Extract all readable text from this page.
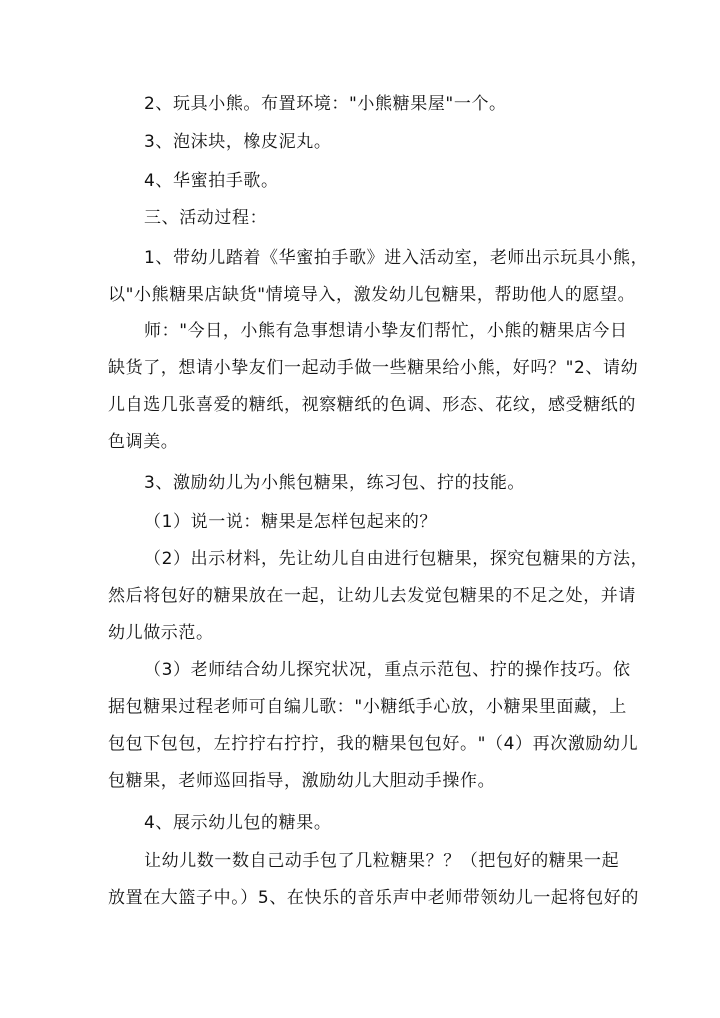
2、玩具小熊。布置环境："小熊糖果屋"一个。

3、泡沫块，橡皮泥丸。

4、华蜜拍手歌。

三、活动过程：

1、带幼儿踏着《华蜜拍手歌》进入活动室，老师出示玩具小熊，
以"小熊糖果店缺货"情境导入，激发幼儿包糖果，帮助他人的愿望。

师："今日，小熊有急事想请小挚友们帮忙，小熊的糖果店今日
缺货了，想请小挚友们一起动手做一些糖果给小熊，好吗？"2、请幼
儿自选几张喜爱的糖纸，视察糖纸的色调、形态、花纹，感受糖纸的
色调美。

3、激励幼儿为小熊包糖果，练习包、拧的技能。

（1）说一说：糖果是怎样包起来的？

（2）出示材料，先让幼儿自由进行包糖果，探究包糖果的方法，
然后将包好的糖果放在一起，让幼儿去发觉包糖果的不足之处，并请
幼儿做示范。

（3）老师结合幼儿探究状况，重点示范包、拧的操作技巧。依
据包糖果过程老师可自编儿歌："小糖纸手心放，小糖果里面藏，上
包包下包包，左拧拧右拧拧，我的糖果包包好。"（4）再次激励幼儿
包糖果，老师巡回指导，激励幼儿大胆动手操作。

4、展示幼儿包的糖果。

让幼儿数一数自己动手包了几粒糖果？？（把包好的糖果一起
放置在大篮子中。）5、在快乐的音乐声中老师带领幼儿一起将包好的
